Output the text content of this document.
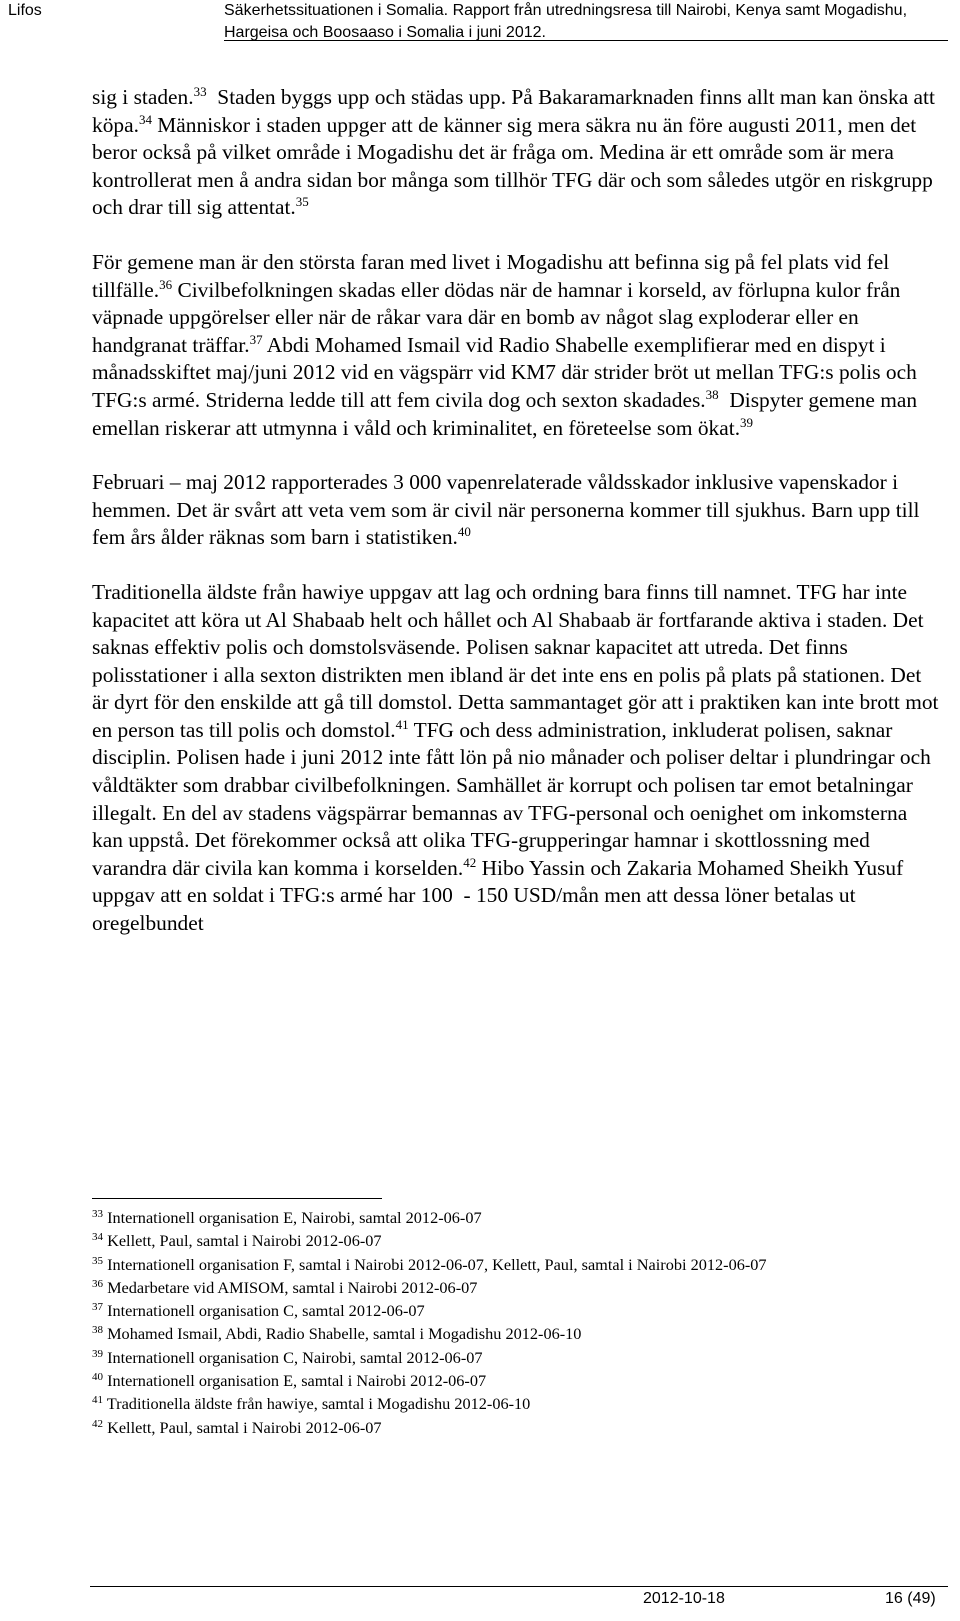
Lifos	Säkerhetssituationen i Somalia. Rapport från utredningsresa till Nairobi, Kenya samt Mogadishu, Hargeisa och Boosaaso i Somalia i juni 2012.

sig i staden.$^{33}$  Staden byggs upp och städas upp. På Bakaramarknaden finns allt man kan önska att köpa.$^{34}$ Människor i staden uppger att de känner sig mera säkra nu än före augusti 2011, men det beror också på vilket område i Mogadishu det är fråga om. Medina är ett område som är mera kontrollerat men å andra sidan bor många som tillhör TFG där och som således utgör en riskgrupp och drar till sig attentat.$^{35}$

För gemene man är den största faran med livet i Mogadishu att befinna sig på fel plats vid fel tillfälle.$^{36}$ Civilbefolkningen skadas eller dödas när de hamnar i korseld, av förlupna kulor från väpnade uppgörelser eller när de råkar vara där en bomb av något slag exploderar eller en handgranat träffar.$^{37}$ Abdi Mohamed Ismail vid Radio Shabelle exemplifierar med en dispyt i månadsskiftet maj/juni 2012 vid en vägspärr vid KM7 där strider bröt ut mellan TFG:s polis och TFG:s armé. Striderna ledde till att fem civila dog och sexton skadades.$^{38}$  Dispyter gemene man emellan riskerar att utmynna i våld och kriminalitet, en företeelse som ökat.$^{39}$

Februari – maj 2012 rapporterades 3 000 vapenrelaterade våldsskador inklusive vapenskador i hemmen. Det är svårt att veta vem som är civil när personerna kommer till sjukhus. Barn upp till fem års ålder räknas som barn i statistiken.$^{40}$

Traditionella äldste från hawiye uppgav att lag och ordning bara finns till namnet. TFG har inte kapacitet att köra ut Al Shabaab helt och hållet och Al Shabaab är fortfarande aktiva i staden. Det saknas effektiv polis och domstolsväsende. Polisen saknar kapacitet att utreda. Det finns polisstationer i alla sexton distrikten men ibland är det inte ens en polis på plats på stationen. Det är dyrt för den enskilde att gå till domstol. Detta sammantaget gör att i praktiken kan inte brott mot en person tas till polis och domstol.$^{41}$ TFG och dess administration, inkluderat polisen, saknar disciplin. Polisen hade i juni 2012 inte fått lön på nio månader och poliser deltar i plundringar och våldtäkter som drabbar civilbefolkningen. Samhället är korrupt och polisen tar emot betalningar illegalt. En del av stadens vägspärrar bemannas av TFG-personal och oenighet om inkomsterna kan uppstå. Det förekommer också att olika TFG-grupperingar hamnar i skottlossning med varandra där civila kan komma i korselden.$^{42}$ Hibo Yassin och Zakaria Mohamed Sheikh Yusuf uppgav att en soldat i TFG:s armé har 100  - 150 USD/mån men att dessa löner betalas ut oregelbundet

$^{33}$ Internationell organisation E, Nairobi, samtal 2012-06-07
$^{34}$ Kellett, Paul, samtal i Nairobi 2012-06-07
$^{35}$ Internationell organisation F, samtal i Nairobi 2012-06-07, Kellett, Paul, samtal i Nairobi 2012-06-07
$^{36}$ Medarbetare vid AMISOM, samtal i Nairobi 2012-06-07
$^{37}$ Internationell organisation C, samtal 2012-06-07
$^{38}$ Mohamed Ismail, Abdi, Radio Shabelle, samtal i Mogadishu 2012-06-10
$^{39}$ Internationell organisation C, Nairobi, samtal 2012-06-07
$^{40}$ Internationell organisation E, samtal i Nairobi 2012-06-07
$^{41}$ Traditionella äldste från hawiye, samtal i Mogadishu 2012-06-10
$^{42}$ Kellett, Paul, samtal i Nairobi 2012-06-07
2012-10-18	16 (49)
